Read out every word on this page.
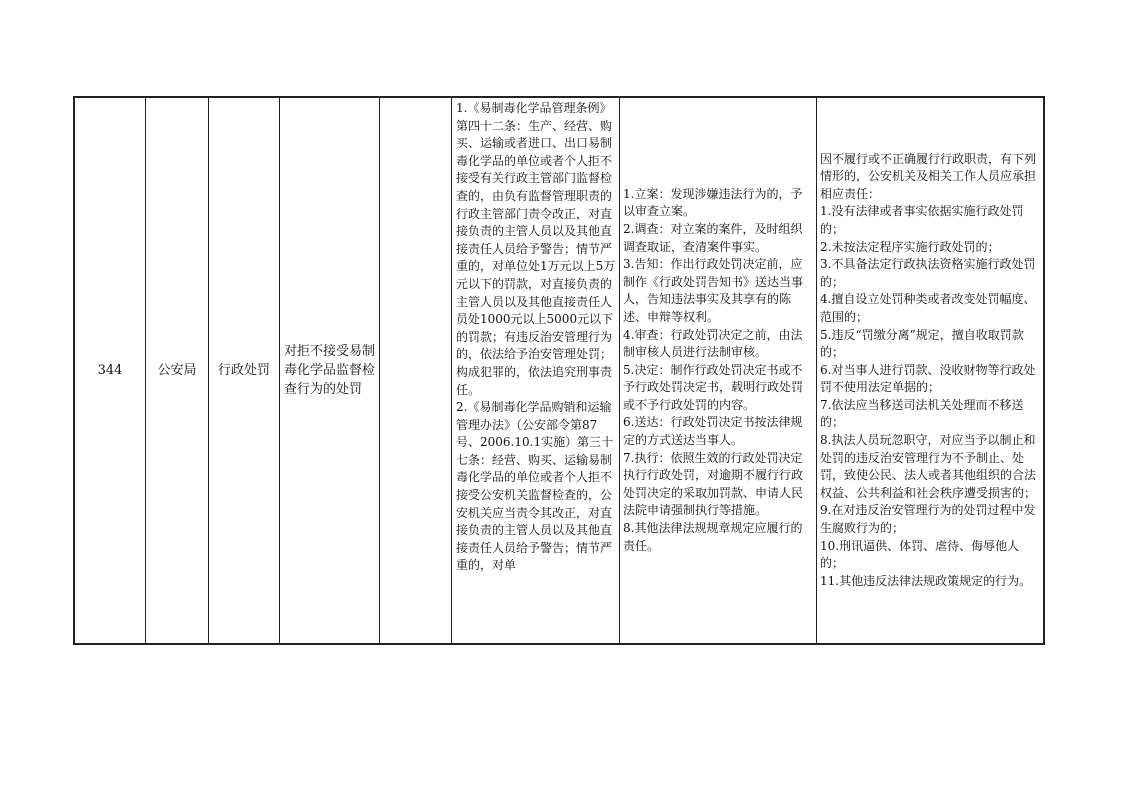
344	公安局 行政处罚
对拒不接受易制毒化学品监督检查行为的处罚
1.《易制毒化学品管理条例》第四十二条：生产、经营、购买、运输或者进口、出口易制毒化学品的单位或者个人拒不接受有关行政主管部门监督检查的，由负有监督管理职责的行政主管部门责令改正，对直接负责的主管人员以及其他直接责任人员给予警告；情节严重的，对单位处1万元以上5万元以下的罚款，对直接负责的主管人员以及其他直接责任人员处1000元以上5000元以下的罚款；有违反治安管理行为的，依法给予治安管理处罚；构成犯罪的，依法追究刑事责任。
2.《易制毒化学品购销和运输管理办法》（公安部令第87号、2006.10.1实施）第三十七条：经营、购买、运输易制毒化学品的单位或者个人拒不接受公安机关监督检查的，公安机关应当责令其改正，对直接负责的主管人员以及其他直接责任人员给予警告；情节严重的，对单
1.立案：发现涉嫌违法行为的，予以审查立案。
2.调查：对立案的案件，及时组织调查取证，查清案件事实。
3.告知：作出行政处罚决定前，应制作《行政处罚告知书》送达当事人，告知违法事实及其享有的陈述、申辩等权利。
4.审查：行政处罚决定之前，由法制审核人员进行法制审核。
5.决定：制作行政处罚决定书或不予行政处罚决定书，载明行政处罚或不予行政处罚的内容。
6.送达：行政处罚决定书按法律规定的方式送达当事人。
7.执行：依照生效的行政处罚决定执行行政处罚，对逾期不履行行政处罚决定的采取加罚款、申请人民法院申请强制执行等措施。
8.其他法律法规规章规定应履行的责任。
因不履行或不正确履行行政职责，有下列情形的，公安机关及相关工作人员应承担相应责任：
1.没有法律或者事实依据实施行政处罚的；
2.未按法定程序实施行政处罚的；
3.不具备法定行政执法资格实施行政处罚的；
4.擅自设立处罚种类或者改变处罚幅度、范围的；
5.违反“罚缴分离”规定，擅自收取罚款的；
6.对当事人进行罚款、没收财物等行政处罚不使用法定单据的；
7.依法应当移送司法机关处理而不移送的；
8.执法人员玩忽职守，对应当予以制止和处罚的违反治安管理行为不予制止、处罚，致使公民、法人或者其他组织的合法权益、公共利益和社会秩序遭受损害的；
9.在对违反治安管理行为的处罚过程中发生腐败行为的；
10.刑讯逼供、体罚、虐待、侮辱他人的；
11.其他违反法律法规政策规定的行为。
